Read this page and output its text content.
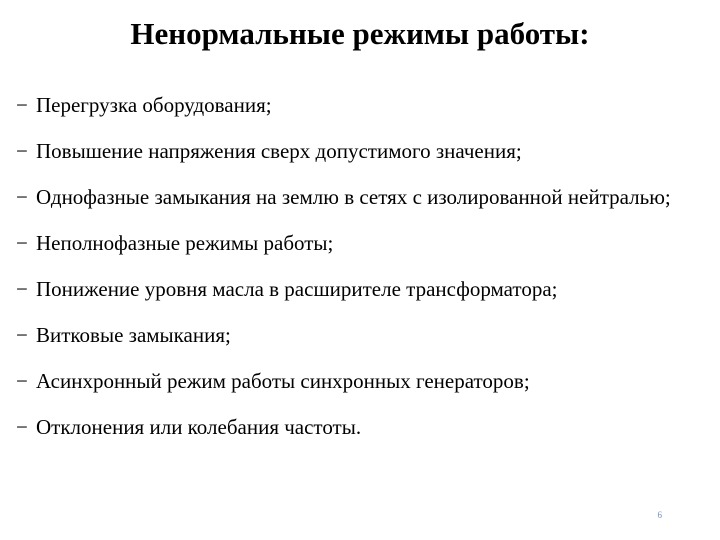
Ненормальные режимы работы:
− Перегрузка оборудования;
− Повышение напряжения сверх допустимого значения;
− Однофазные замыкания на землю в сетях с изолированной нейтралью;
− Неполнофазные режимы работы;
− Понижение уровня масла в расширителе трансформатора;
− Витковые замыкания;
− Асинхронный режим работы синхронных генераторов;
− Отклонения или колебания частоты.
6
